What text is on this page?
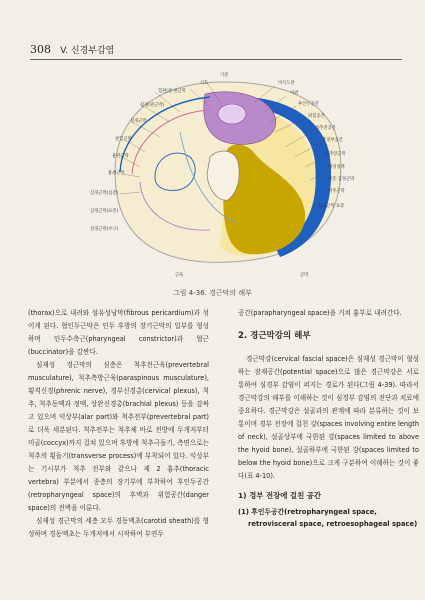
308 V. 신경부갑염
기관
식도
혈관(관 관근막
심경(관근막)
설개근막
관헐근막
흉관근막
흉쇄근막
심경근막(심층)
심경근막(표층)
설경근막(수구)
비식도관
이관
후인두공간
위험공간
척추전공간
측경부공간
척추앞근막
내경정맥
천층 심경근막
척추근막
심경근막 표층
근육	근막
그림 4-36. 경근막의 해부

(thorax)으로 내려와 섬유성낭막(fibrous pericardium)과 섞이게 된다. 협인두근막은 인두 후방의 장기근막의 일부를 형성하며 인두수축근(pharyngeal constrictor)과 협근(buccinator)을 감싼다.

심재성 경근막의 심층은 척추전근육(prevertebral musculature), 척추측방근육(paraspinous musculature), 횡격신경(phrenic nerve), 경부신경총(cervical plexus), 척추, 척추동맥과 정맥, 상완신경총(brachial plexus) 등을 감싸고 있으며 익상부(alar part)와 척추전부(prevertebral part)로 더욱 세분된다. 척추전부는 척추체 바로 전방에 두개저부터 미골(coccyx)까지 걸쳐 있으며 후방에 척추극돌기, 측면으로는 척추의 횡돌기(transverse process)에 부착되어 있다. 익상부는 기시부가 척추 전부와 같으나 제 2 흉추(thoracic vertebra) 부분에서 종층의 장기부에 부착하여 후인두공간(retropharyngeal space)의 후벽과 위험공간(danger space)의 전벽을 이룬다.

심재성 경근막의 세층 모두 경동맥초(carotid sheath)를 형성하며 경동맥초는 두개저에서 시작하여 부연두

공간(parapharyngeal space)을 거쳐 흉부로 내려간다.

2. 경근막강의 해부

경근막강(cervical fascial space)은 심재성 경근막이 형성하는 잠재공간(potential space)으로 많은 경근막강은 서로 통하여 심경부 감염이 퍼지는 경로가 된다(그림 4-39). 따라서 경근막강의 해부를 이해하는 것이 심경부 감염의 진단과 치료에 중요하다. 경근막강은 설골과의 관계에 따라 분류하는 것이 보통이며 경부 전장에 걸친 강(spaces involving entire length of neck), 설골상부에 국한된 강(spaces limited to above the hyoid bone), 설골하부에 국한된 강(spaces limited to below the hyoid bone)으로 크게 구분하여 이해하는 것이 좋다(표 4-10).

1) 경부 전장에 걸친 공간

(1) 후인두공간(retropharyngeal space,

retrovisceral space, retroesophageal space)
